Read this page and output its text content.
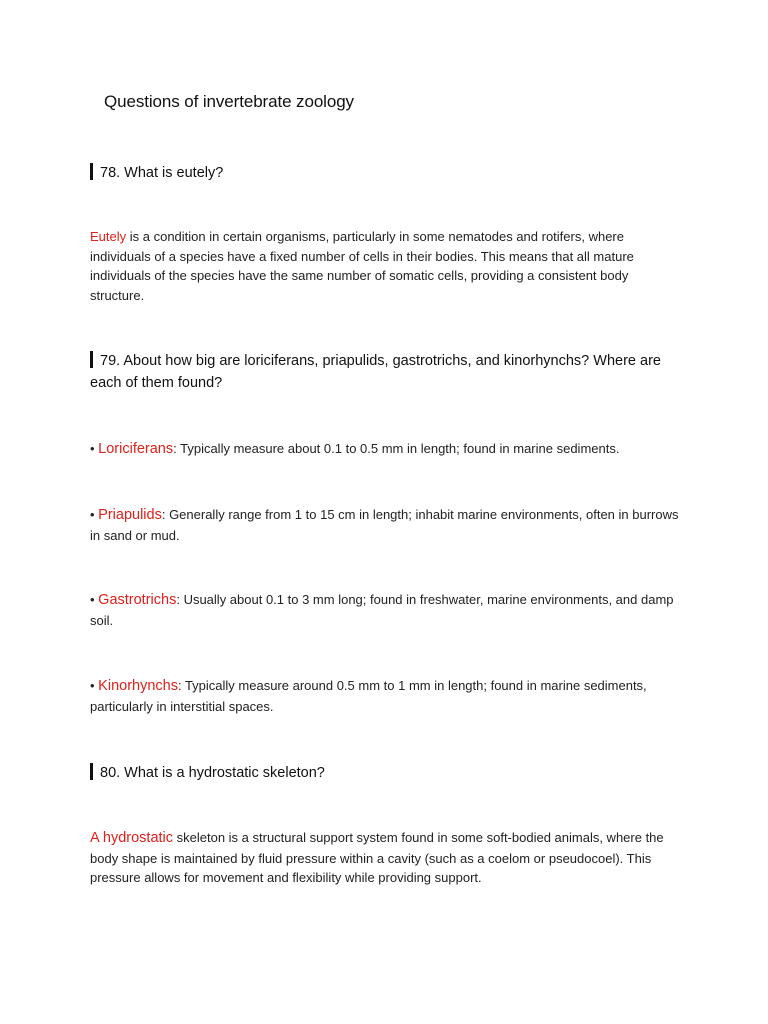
Questions of invertebrate zoology
78. What is eutely?

Eutely is a condition in certain organisms, particularly in some nematodes and rotifers, where individuals of a species have a fixed number of cells in their bodies. This means that all mature individuals of the species have the same number of somatic cells, providing a consistent body structure.

79. About how big are loriciferans, priapulids, gastrotrichs, and kinorhynchs? Where are each of them found?

• Loriciferans: Typically measure about 0.1 to 0.5 mm in length; found in marine sediments.

• Priapulids: Generally range from 1 to 15 cm in length; inhabit marine environments, often in burrows in sand or mud.

• Gastrotrichs: Usually about 0.1 to 3 mm long; found in freshwater, marine environments, and damp soil.

• Kinorhynchs: Typically measure around 0.5 mm to 1 mm in length; found in marine sediments, particularly in interstitial spaces.

80. What is a hydrostatic skeleton?

A hydrostatic skeleton is a structural support system found in some soft-bodied animals, where the body shape is maintained by fluid pressure within a cavity (such as a coelom or pseudocoel). This pressure allows for movement and flexibility while providing support.
